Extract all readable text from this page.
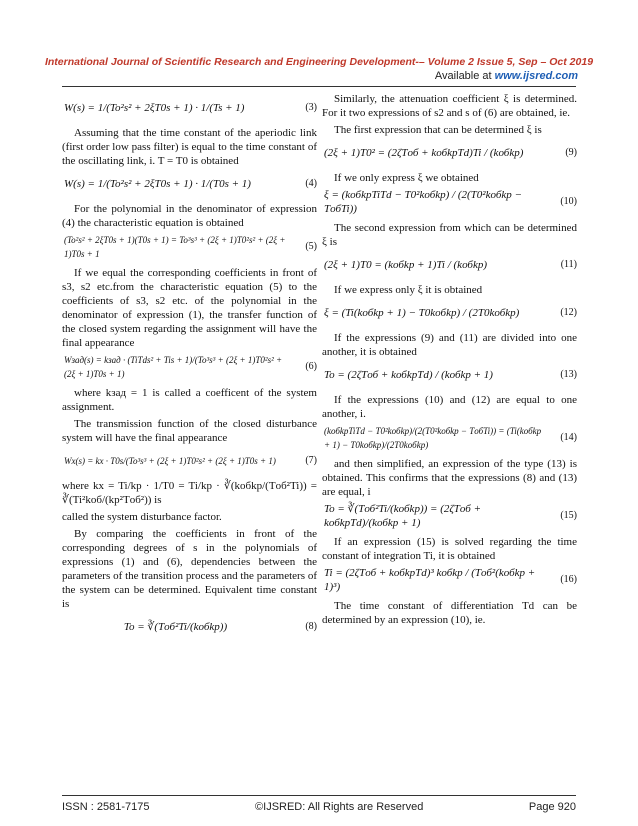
International Journal of Scientific Research and Engineering Development-– Volume 2 Issue 5, Sep – Oct 2019
Available at www.ijsred.com
W(s) = 1/(To²s² + 2ξT0s + 1) · 1/(Ts + 1)	(3)

Assuming that the time constant of the aperiodic link (first order low pass filter) is equal to the time constant of the oscillating link, i. T = T0 is obtained

W(s) = 1/(To²s² + 2ξT0s + 1) · 1/(T0s + 1)	(4)

For the polynomial in the denominator of expression (4) the characteristic equation is obtained

(To²s² + 2ξT0s + 1)(T0s + 1) = To³s³ + (2ξ + 1)T0²s² + (2ξ + 1)T0s + 1
(5)

If we equal the corresponding coefficients in front of s3, s2 etc.from the characteristic equation (5) to the coefficients of s3, s2 etc. of the polynomial in the denominator of expression (1), the transfer function of the closed system regarding the assignment will have the final appearance

Wзад(s) = kзад · (TiTds² + Tis + 1)/(To³s³ + (2ξ + 1)T0²s² + (2ξ + 1)T0s + 1)
(6)

where kзад = 1 is called a coefficent of the system assignment.

The transmission function of the closed disturbance system will have the final appearance

Wx(s) = kx · T0s/(To³s³ + (2ξ + 1)T0²s² + (2ξ + 1)T0s + 1)	(7)

where kx = Ti/kp · 1/T0 = Ti/kp · ∛(kобkp/(Tоб²Ti)) = ∛(Ti²kоб/(kp²Tоб²)) is

called the system disturbance factor.

By comparing the coefficients in front of the corresponding degrees of s in the polynomials of expressions (1) and (6), dependencies between the parameters of the transition process and the parameters of the system can be determined. Equivalent time constant is

To = ∛(Tоб²Ti/(kобkp))	(8)

Similarly, the attenuation coefficient ξ is determined. For it two expressions of s2 and s of (6) are obtained, ie.

The first expression that can be determined ξ is

(2ξ + 1)T0² = (2ζTоб + kобkpTd)Ti / (kобkp)	(9)

If we only express ξ we obtained

ξ = (kобkpTiTd − T0²kобkp) / (2(T0²kобkp − TобTi))
(10)

The second expression from which can be determined ξ is

(2ξ + 1)T0 = (kобkp + 1)Ti / (kобkp)	(11)

If we express only ξ it is obtained

ξ = (Ti(kобkp + 1) − T0kобkp) / (2T0kобkp)	(12)

If the expressions (9) and (11) are divided into one another, it is obtained

To = (2ζTоб + kобkpTd) / (kобkp + 1)	(13)

If the expressions (10) and (12) are equal to one another, i.

(kобkpTiTd − T0²kобkp)/(2(T0²kобkp − TобTi)) = (Ti(kобkp + 1) − T0kобkp)/(2T0kобkp)
(14)

and then simplified, an expression of the type (13) is obtained. This confirms that the expressions (8) and (13) are equal, i

To = ∛(Tоб²Ti/(kобkp)) = (2ζTоб + kобkpTd)/(kобkp + 1)
(15)

If an expression (15) is solved regarding the time constant of integration Ti, it is obtained

Ti = (2ζTоб + kобkpTd)³ kобkp / (Tоб²(kобkp + 1)³)
(16)

The time constant of differentiation Td can be determined by an expression (10), ie.

ISSN : 2581-7175	©IJSRED: All Rights are Reserved	Page 920
